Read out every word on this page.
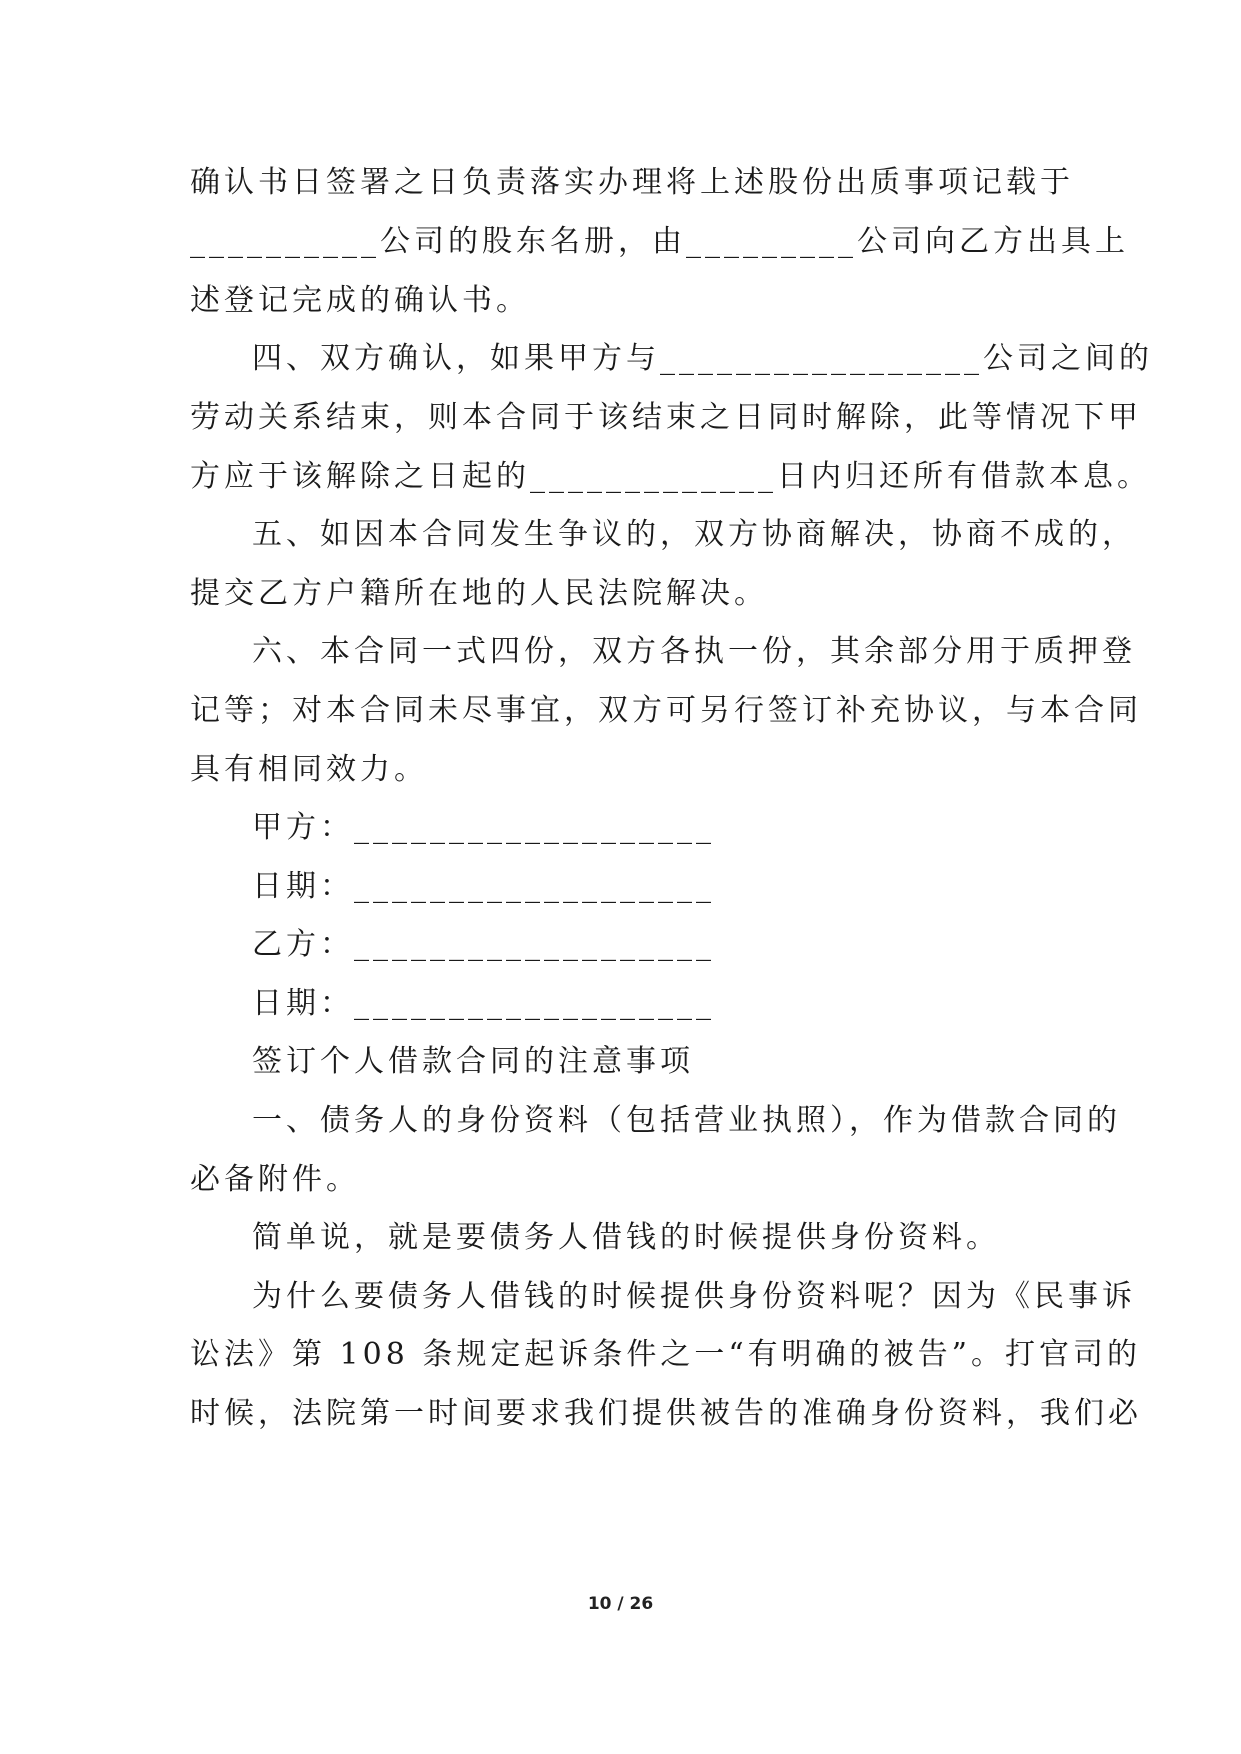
确认书日签署之日负责落实办理将上述股份出质事项记载于
__________公司的股东名册，由_________公司向乙方出具上
述登记完成的确认书。
四、双方确认，如果甲方与_________________公司之间的
劳动关系结束，则本合同于该结束之日同时解除，此等情况下甲
方应于该解除之日起的_____________日内归还所有借款本息。
五、如因本合同发生争议的，双方协商解决，协商不成的，
提交乙方户籍所在地的人民法院解决。
六、本合同一式四份，双方各执一份，其余部分用于质押登
记等；对本合同未尽事宜，双方可另行签订补充协议，与本合同
具有相同效力。
甲方：___________________
日期：___________________
乙方：___________________
日期：___________________
签订个人借款合同的注意事项
一、债务人的身份资料（包括营业执照），作为借款合同的
必备附件。
简单说，就是要债务人借钱的时候提供身份资料。
为什么要债务人借钱的时候提供身份资料呢？因为《民事诉
讼法》第 108 条规定起诉条件之一“有明确的被告”。打官司的
时候，法院第一时间要求我们提供被告的准确身份资料，我们必
10 / 26
